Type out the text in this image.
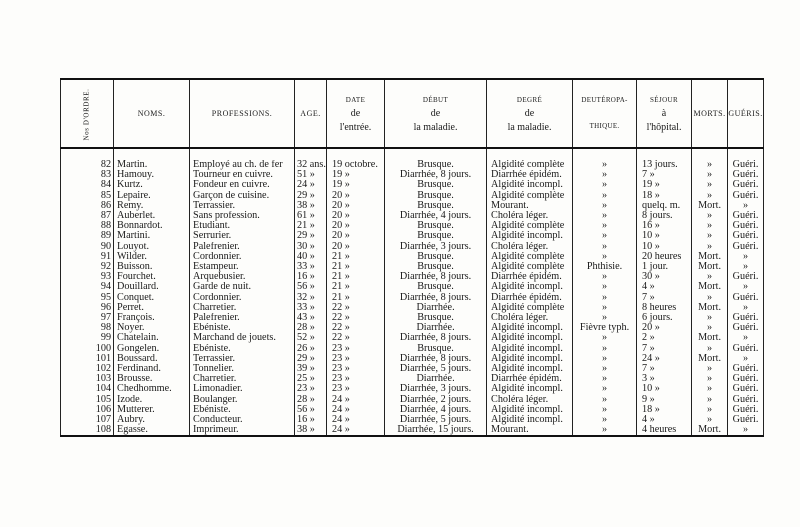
Nos D'ORDRE.	NOMS.	PROFESSIONS.	AGE.	DATE
de
l'entrée.	DÉBUT
de
la maladie.	DEGRÉ
de
la maladie.	DEUTÉROPA-

THIQUE.	SÉJOUR
à
l'hôpital.	MORTS.	GUÉRIS.

82	Martin.	Employé au ch. de fer	32 ans.	19 octobre.	Brusque.	Algidité complète	»	13 jours.	»	Guéri.
83	Hamouy.	Tourneur en cuivre.	51 »	19 »	Diarrhée, 8 jours.	Diarrhée épidém.	»	7 »	»	Guéri.
84	Kurtz.	Fondeur en cuivre.	24 »	19 »	Brusque.	Algidité incompl.	»	19 »	»	Guéri.
85	Lepaire.	Garçon de cuisine.	29 »	20 »	Brusque.	Algidité complète	»	18 »	»	Guéri.
86	Remy.	Terrassier.	38 »	20 »	Brusque.	Mourant.	»	quelq. m.	Mort.	»
87	Auberlet.	Sans profession.	61 »	20 »	Diarrhée, 4 jours.	Choléra léger.	»	8 jours.	»	Guéri.
88	Bonnardot.	Etudiant.	21 »	20 »	Brusque.	Algidité complète	»	16 »	»	Guéri.
89	Martini.	Serrurier.	29 »	20 »	Brusque.	Algidité incompl.	»	10 »	»	Guéri.
90	Louyot.	Palefrenier.	30 »	20 »	Diarrhée, 3 jours.	Choléra léger.	»	10 »	»	Guéri.
91	Wilder.	Cordonnier.	40 »	21 »	Brusque.	Algidité complète	»	20 heures	Mort.	»
92	Buisson.	Estampeur.	33 »	21 »	Brusque.	Algidité complète	Phthisie.	1 jour.	Mort.	»
93	Fourchet.	Arquebusier.	16 »	21 »	Diarrhée, 8 jours.	Diarrhée épidém.	»	30 »	»	Guéri.
94	Douillard.	Garde de nuit.	56 »	21 »	Brusque.	Algidité incompl.	»	4 »	Mort.	»
95	Conquet.	Cordonnier.	32 »	21 »	Diarrhée, 8 jours.	Diarrhée épidém.	»	7 »	»	Guéri.
96	Perret.	Charretier.	33 »	22 »	Diarrhée.	Algidité complète	»	8 heures	Mort.	»
97	François.	Palefrenier.	43 »	22 »	Brusque.	Choléra léger.	»	6 jours.	»	Guéri.
98	Noyer.	Ebéniste.	28 »	22 »	Diarrhée.	Algidité incompl.	Fièvre typh.	20 »	»	Guéri.
99	Chatelain.	Marchand de jouets.	52 »	22 »	Diarrhée, 8 jours.	Algidité incompl.	»	2 »	Mort.	»
100	Gongelen.	Ebéniste.	26 »	23 »	Brusque.	Algidité incompl.	»	7 »	»	Guéri.
101	Boussard.	Terrassier.	29 »	23 »	Diarrhée, 8 jours.	Algidité incompl.	»	24 »	Mort.	»
102	Ferdinand.	Tonnelier.	39 »	23 »	Diarrhée, 5 jours.	Algidité incompl.	»	7 »	»	Guéri.
103	Brousse.	Charretier.	25 »	23 »	Diarrhée.	Diarrhée épidém.	»	3 »	»	Guéri.
104	Chedhomme.	Limonadier.	23 »	23 »	Diarrhée, 3 jours.	Algidité incompl.	»	10 »	»	Guéri.
105	Izode.	Boulanger.	28 »	24 »	Diarrhée, 2 jours.	Choléra léger.	»	9 »	»	Guéri.
106	Mutterer.	Ebéniste.	56 »	24 »	Diarrhée, 4 jours.	Algidité incompl.	»	18 »	»	Guéri.
107	Aubry.	Conducteur.	16 »	24 »	Diarrhée, 5 jours.	Algidité incompl.	»	4 »	»	Guéri.
108	Egasse.	Imprimeur.	38 »	24 »	Diarrhée, 15 jours.	Mourant.	»	4 heures	Mort.	»
